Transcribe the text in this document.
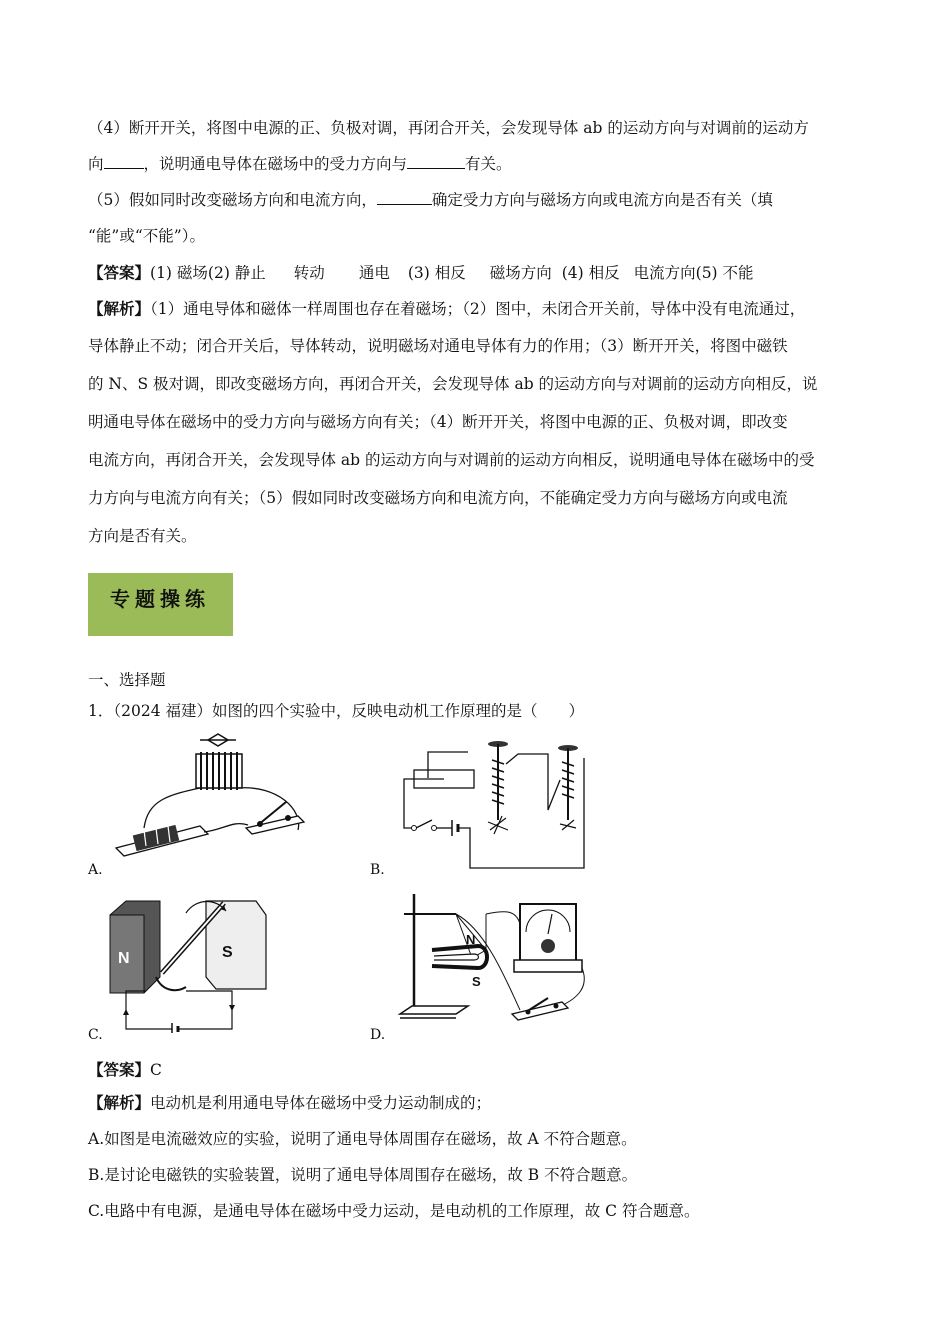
（4）断开开关，将图中电源的正、负极对调，再闭合开关，会发现导体 ab 的运动方向与对调前的运动方
向	，说明通电导体在磁场中的受力方向与	有关。
（5）假如同时改变磁场方向和电流方向，	确定受力方向与磁场方向或电流方向是否有关（填
“能”或“不能”）。
【答案】(1) 磁场(2) 静止 转动 通电 (3) 相反 磁场方向 (4) 相反 电流方向(5) 不能
【解析】（1）通电导体和磁体一样周围也存在着磁场；（2）图中，未闭合开关前，导体中没有电流通过，
导体静止不动；闭合开关后，导体转动，说明磁场对通电导体有力的作用；（3）断开开关，将图中磁铁
的 N、S 极对调，即改变磁场方向，再闭合开关，会发现导体 ab 的运动方向与对调前的运动方向相反，说
明通电导体在磁场中的受力方向与磁场方向有关；（4）断开开关，将图中电源的正、负极对调，即改变
电流方向，再闭合开关，会发现导体 ab 的运动方向与对调前的运动方向相反，说明通电导体在磁场中的受
力方向与电流方向有关；（5）假如同时改变磁场方向和电流方向，不能确定受力方向与磁场方向或电流
方向是否有关。
专题操练
一、选择题
1．（2024 福建）如图的四个实验中，反映电动机工作原理的是（　　）
N	S
N
S
A.	B.
C.	D.
【答案】C
【解析】电动机是利用通电导体在磁场中受力运动制成的；
A.如图是电流磁效应的实验，说明了通电导体周围存在磁场，故 A 不符合题意。
B.是讨论电磁铁的实验装置，说明了通电导体周围存在磁场，故 B 不符合题意。
C.电路中有电源，是通电导体在磁场中受力运动，是电动机的工作原理，故 C 符合题意。
